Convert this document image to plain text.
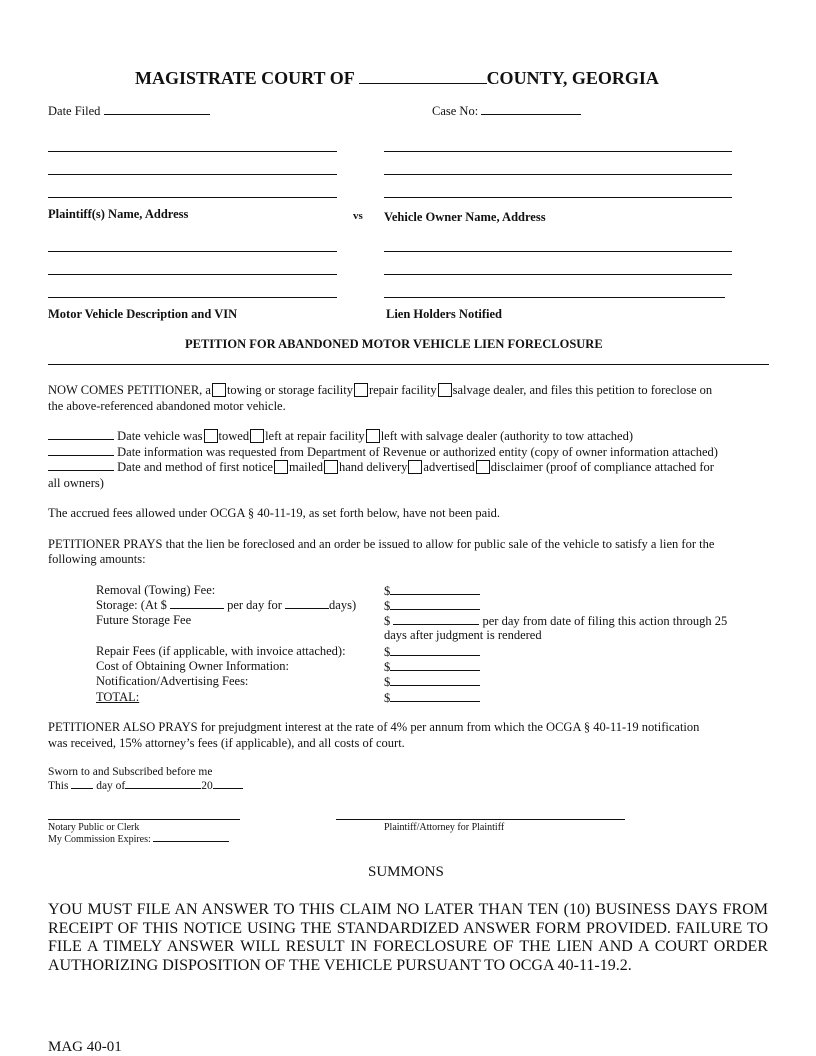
MAGISTRATE COURT OF	COUNTY, GEORGIA
Date Filed	Case No:
Plaintiff(s) Name, Address	vs Vehicle Owner Name, Address
Motor Vehicle Description and VIN	Lien Holders Notified
PETITION FOR ABANDONED MOTOR VEHICLE LIEN FORECLOSURE
NOW COMES PETITIONER, a towing or storage facility repair facility salvage dealer, and files this petition to foreclose on
the above-referenced abandoned motor vehicle.
Date vehicle was towed left at repair facility left with salvage dealer (authority to tow attached)
Date information was requested from Department of Revenue or authorized entity (copy of owner information attached)
Date and method of first notice mailed hand delivery advertised disclaimer (proof of compliance attached for
all owners)
The accrued fees allowed under OCGA § 40-11-19, as set forth below, have not been paid.
PETITIONER PRAYS that the lien be foreclosed and an order be issued to allow for public sale of the vehicle to satisfy a lien for the
following amounts:
Removal (Towing) Fee:	$
Storage: (At $	per day for	days) $
Future Storage Fee	$	per day from date of filing this action through 25
days after judgment is rendered
Repair Fees (if applicable, with invoice attached):	$
Cost of Obtaining Owner Information:	$
Notification/Advertising Fees:	$
TOTAL:	$
PETITIONER ALSO PRAYS for prejudgment interest at the rate of 4% per annum from which the OCGA § 40-11-19 notification
was received, 15% attorney’s fees (if applicable), and all costs of court.
Sworn to and Subscribed before me
This day of	20
Notary Public or Clerk	Plaintiff/Attorney for Plaintiff
My Commission Expires:
SUMMONS
YOU MUST FILE AN ANSWER TO THIS CLAIM NO LATER THAN TEN (10) BUSINESS DAYS FROM RECEIPT OF THIS NOTICE USING THE STANDARDIZED ANSWER FORM PROVIDED. FAILURE TO FILE A TIMELY ANSWER WILL RESULT IN FORECLOSURE OF THE LIEN AND A COURT ORDER AUTHORIZING DISPOSITION OF THE VEHICLE PURSUANT TO OCGA 40-11-19.2.
MAG 40-01
